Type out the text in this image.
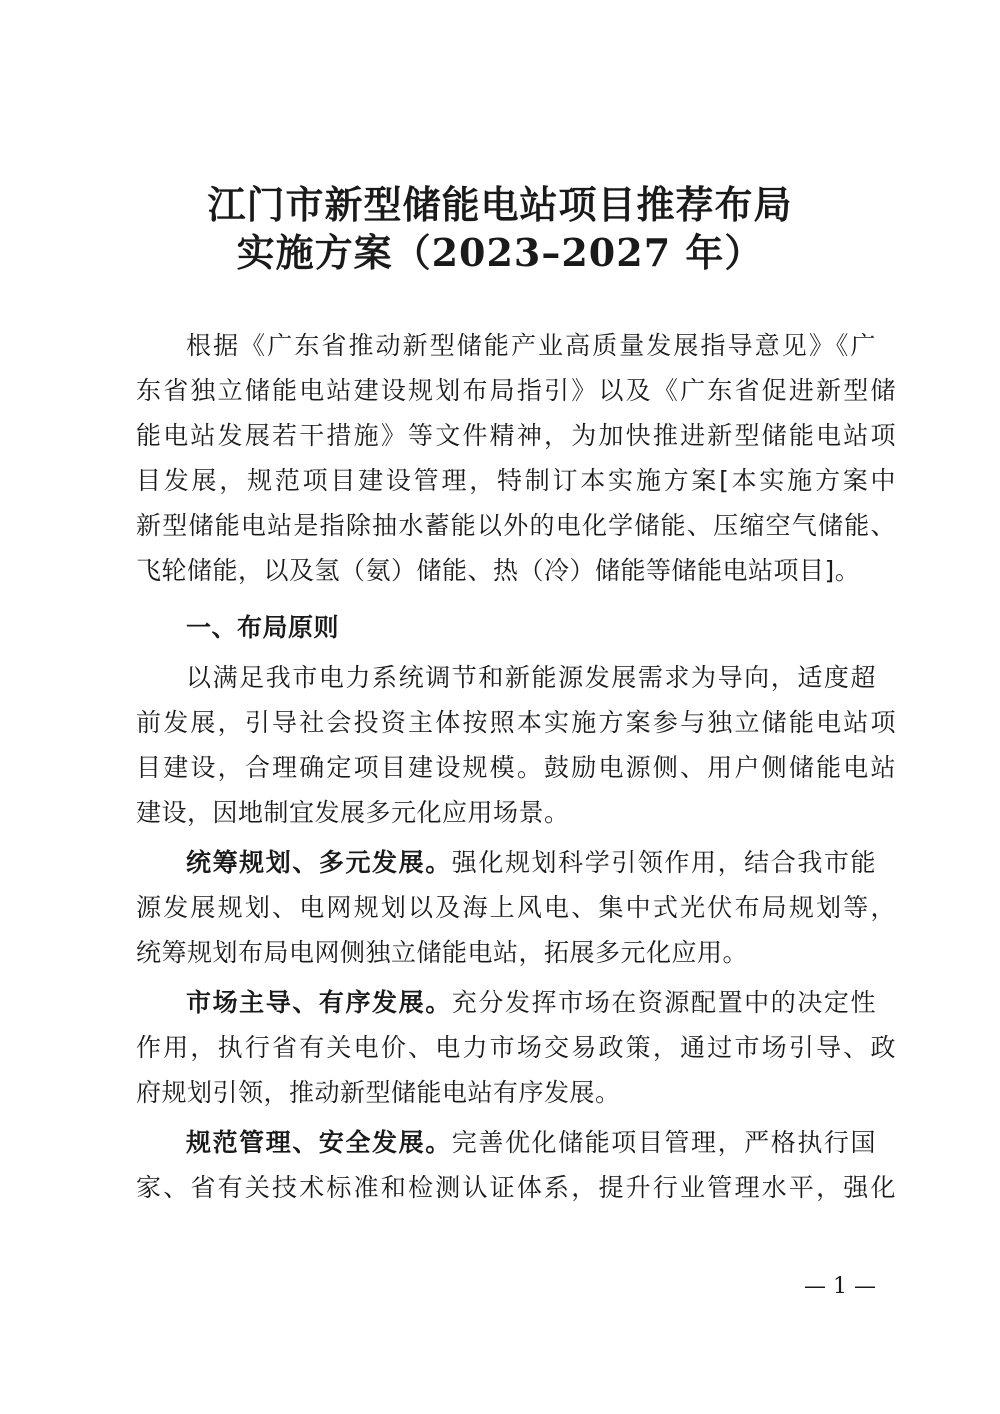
江门市新型储能电站项目推荐布局
实施方案（2023–2027 年）
根据《广东省推动新型储能产业高质量发展指导意见》《广
东省独立储能电站建设规划布局指引》以及《广东省促进新型储
能电站发展若干措施》等文件精神，为加快推进新型储能电站项
目发展，规范项目建设管理，特制订本实施方案[本实施方案中
新型储能电站是指除抽水蓄能以外的电化学储能、压缩空气储能、
飞轮储能，以及氢（氨）储能、热（冷）储能等储能电站项目]。
一、布局原则
以满足我市电力系统调节和新能源发展需求为导向，适度超
前发展，引导社会投资主体按照本实施方案参与独立储能电站项
目建设，合理确定项目建设规模。鼓励电源侧、用户侧储能电站
建设，因地制宜发展多元化应用场景。
统筹规划、多元发展。强化规划科学引领作用，结合我市能
源发展规划、电网规划以及海上风电、集中式光伏布局规划等，
统筹规划布局电网侧独立储能电站，拓展多元化应用。
市场主导、有序发展。充分发挥市场在资源配置中的决定性
作用，执行省有关电价、电力市场交易政策，通过市场引导、政
府规划引领，推动新型储能电站有序发展。
规范管理、安全发展。完善优化储能项目管理，严格执行国
家、省有关技术标准和检测认证体系，提升行业管理水平，强化
— 1 —
